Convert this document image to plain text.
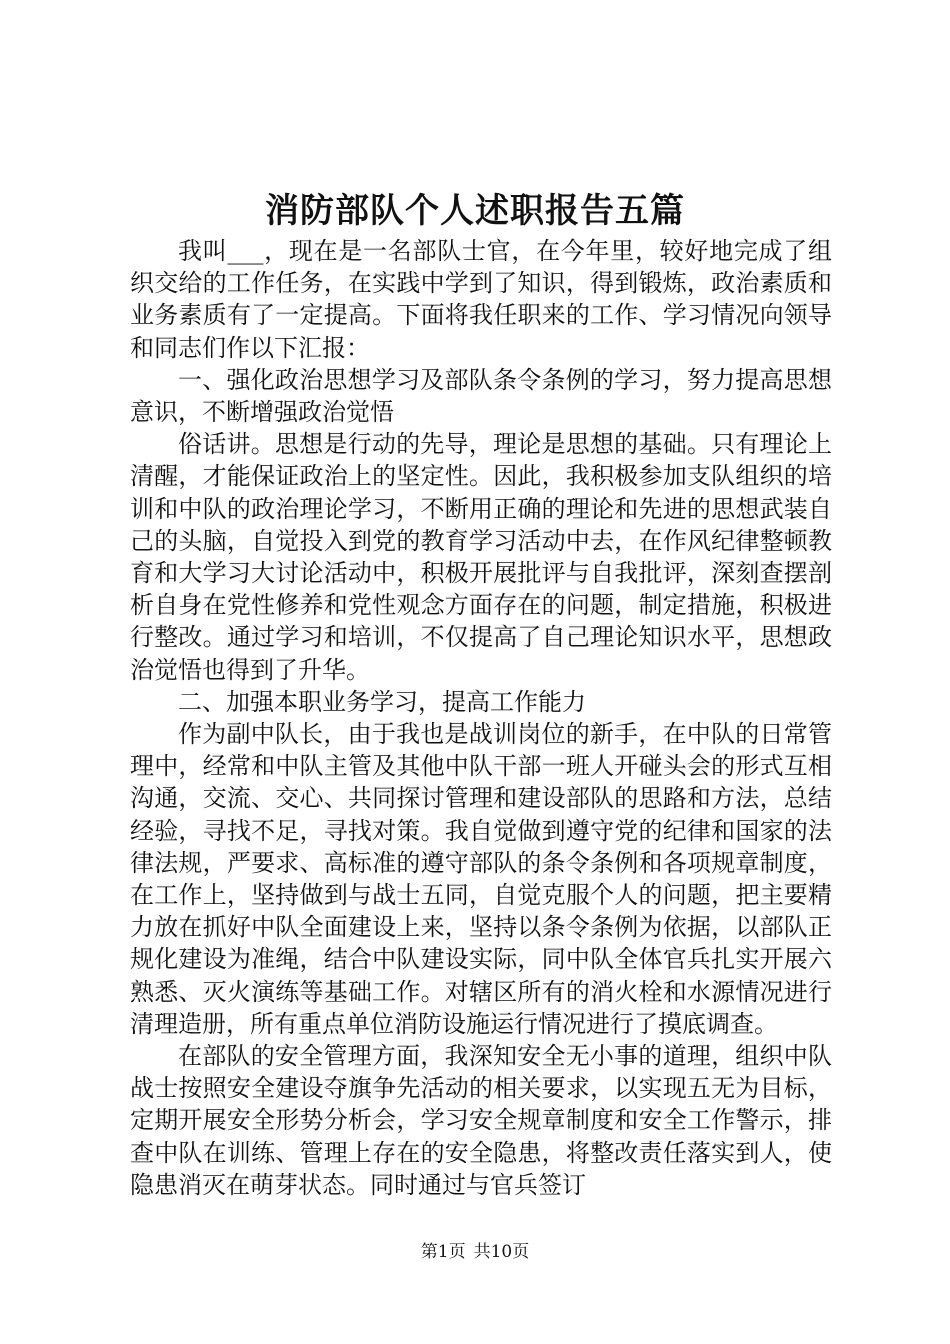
消防部队个人述职报告五篇

我叫___，现在是一名部队士官，在今年里，较好地完成了组织交给的工作任务，在实践中学到了知识，得到锻炼，政治素质和业务素质有了一定提高。下面将我任职来的工作、学习情况向领导和同志们作以下汇报：

一、强化政治思想学习及部队条令条例的学习，努力提高思想意识，不断增强政治觉悟

俗话讲。思想是行动的先导，理论是思想的基础。只有理论上清醒，才能保证政治上的坚定性。因此，我积极参加支队组织的培训和中队的政治理论学习，不断用正确的理论和先进的思想武装自己的头脑，自觉投入到党的教育学习活动中去，在作风纪律整顿教育和大学习大讨论活动中，积极开展批评与自我批评，深刻查摆剖析自身在党性修养和党性观念方面存在的问题，制定措施，积极进行整改。通过学习和培训，不仅提高了自己理论知识水平，思想政治觉悟也得到了升华。

二、加强本职业务学习，提高工作能力

作为副中队长，由于我也是战训岗位的新手，在中队的日常管理中，经常和中队主管及其他中队干部一班人开碰头会的形式互相沟通，交流、交心、共同探讨管理和建设部队的思路和方法，总结经验，寻找不足，寻找对策。我自觉做到遵守党的纪律和国家的法律法规，严要求、高标准的遵守部队的条令条例和各项规章制度，在工作上，坚持做到与战士五同，自觉克服个人的问题，把主要精力放在抓好中队全面建设上来，坚持以条令条例为依据，以部队正规化建设为准绳，结合中队建设实际，同中队全体官兵扎实开展六熟悉、灭火演练等基础工作。对辖区所有的消火栓和水源情况进行清理造册，所有重点单位消防设施运行情况进行了摸底调查。

在部队的安全管理方面，我深知安全无小事的道理，组织中队战士按照安全建设夺旗争先活动的相关要求，以实现五无为目标，定期开展安全形势分析会，学习安全规章制度和安全工作警示，排查中队在训练、管理上存在的安全隐患，将整改责任落实到人，使隐患消灭在萌芽状态。同时通过与官兵签订

第1页 共10页
